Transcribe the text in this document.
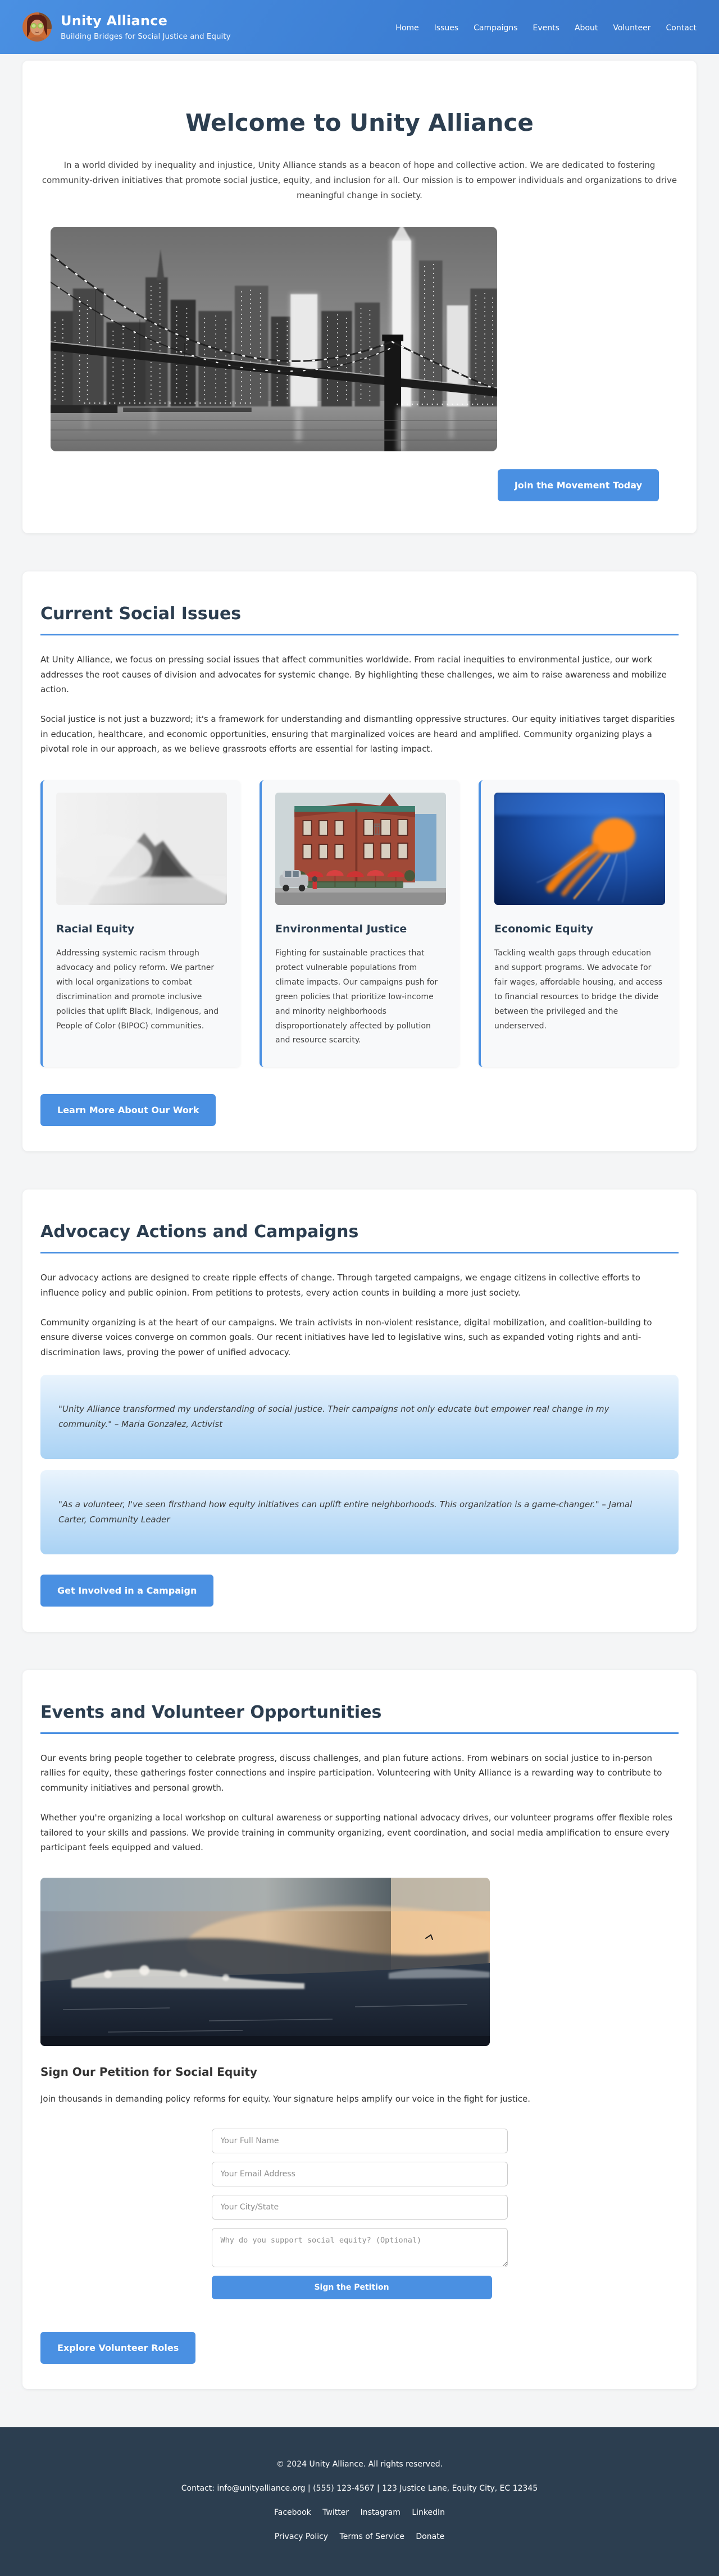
Unity Alliance

Building Bridges for Social Justice and Equity

Home Issues Campaigns Events About Volunteer Contact
Welcome to Unity Alliance

In a world divided by inequality and injustice, Unity Alliance stands as a beacon of hope and collective action. We are dedicated to fostering community-driven initiatives that promote social justice, equity, and inclusion for all. Our mission is to empower individuals and organizations to drive meaningful change in society.

Join the Movement Today
Current Social Issues

At Unity Alliance, we focus on pressing social issues that affect communities worldwide. From racial inequities to environmental justice, our work addresses the root causes of division and advocates for systemic change. By highlighting these challenges, we aim to raise awareness and mobilize action.

Social justice is not just a buzzword; it's a framework for understanding and dismantling oppressive structures. Our equity initiatives target disparities in education, healthcare, and economic opportunities, ensuring that marginalized voices are heard and amplified. Community organizing plays a pivotal role in our approach, as we believe grassroots efforts are essential for lasting impact.

Racial Equity

Addressing systemic racism through advocacy and policy reform. We partner with local organizations to combat discrimination and promote inclusive policies that uplift Black, Indigenous, and People of Color (BIPOC) communities.

Environmental Justice

Fighting for sustainable practices that protect vulnerable populations from climate impacts. Our campaigns push for green policies that prioritize low-income and minority neighborhoods disproportionately affected by pollution and resource scarcity.

Economic Equity

Tackling wealth gaps through education and support programs. We advocate for fair wages, affordable housing, and access to financial resources to bridge the divide between the privileged and the underserved.

Learn More About Our Work
Advocacy Actions and Campaigns

Our advocacy actions are designed to create ripple effects of change. Through targeted campaigns, we engage citizens in collective efforts to influence policy and public opinion. From petitions to protests, every action counts in building a more just society.

Community organizing is at the heart of our campaigns. We train activists in non-violent resistance, digital mobilization, and coalition-building to ensure diverse voices converge on common goals. Our recent initiatives have led to legislative wins, such as expanded voting rights and anti-discrimination laws, proving the power of unified advocacy.

"Unity Alliance transformed my understanding of social justice. Their campaigns not only educate but empower real change in my community." – Maria Gonzalez, Activist
"As a volunteer, I've seen firsthand how equity initiatives can uplift entire neighborhoods. This organization is a game-changer." – Jamal Carter, Community Leader
Get Involved in a Campaign
Events and Volunteer Opportunities

Our events bring people together to celebrate progress, discuss challenges, and plan future actions. From webinars on social justice to in-person rallies for equity, these gatherings foster connections and inspire participation. Volunteering with Unity Alliance is a rewarding way to contribute to community initiatives and personal growth.

Whether you're organizing a local workshop on cultural awareness or supporting national advocacy drives, our volunteer programs offer flexible roles tailored to your skills and passions. We provide training in community organizing, event coordination, and social media amplification to ensure every participant feels equipped and valued.

Sign Our Petition for Social Equity

Join thousands in demanding policy reforms for equity. Your signature helps amplify our voice in the fight for justice.

Your Full Name
Your Email Address
Your City/State
Why do you support social equity? (Optional)
Sign the Petition
Explore Volunteer Roles

© 2024 Unity Alliance. All rights reserved.

Contact: info@unityalliance.org | (555) 123-4567 | 123 Justice Lane, Equity City, EC 12345

Facebook Twitter Instagram LinkedIn

Privacy Policy Terms of Service Donate
